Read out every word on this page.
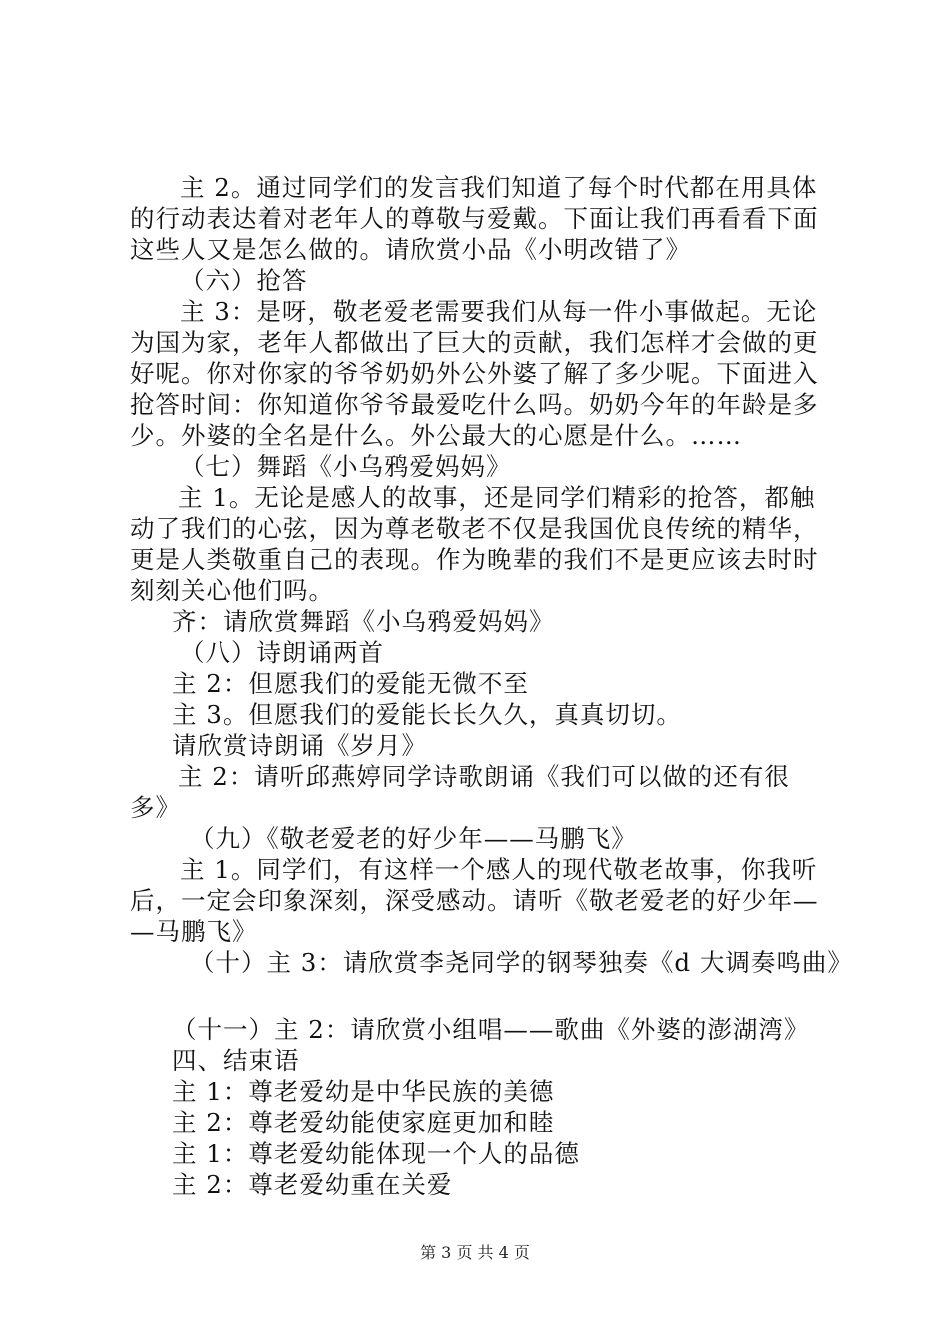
主 2。通过同学们的发言我们知道了每个时代都在用具体
的行动表达着对老年人的尊敬与爱戴。下面让我们再看看下面
这些人又是怎么做的。请欣赏小品《小明改错了》
（六）抢答
主 3：是呀，敬老爱老需要我们从每一件小事做起。无论
为国为家，老年人都做出了巨大的贡献，我们怎样才会做的更
好呢。你对你家的爷爷奶奶外公外婆了解了多少呢。下面进入
抢答时间：你知道你爷爷最爱吃什么吗。奶奶今年的年龄是多
少。外婆的全名是什么。外公最大的心愿是什么。……
（七）舞蹈《小乌鸦爱妈妈》
主 1。无论是感人的故事，还是同学们精彩的抢答，都触
动了我们的心弦，因为尊老敬老不仅是我国优良传统的精华，
更是人类敬重自己的表现。作为晚辈的我们不是更应该去时时
刻刻关心他们吗。
齐：请欣赏舞蹈《小乌鸦爱妈妈》
（八）诗朗诵两首
主 2：但愿我们的爱能无微不至
主 3。但愿我们的爱能长长久久，真真切切。
请欣赏诗朗诵《岁月》
主 2：请听邱燕婷同学诗歌朗诵《我们可以做的还有很
多》
（九）《敬老爱老的好少年——马鹏飞》
主 1。同学们，有这样一个感人的现代敬老故事，你我听
后，一定会印象深刻，深受感动。请听《敬老爱老的好少年—
—马鹏飞》
（十）主 3：请欣赏李尧同学的钢琴独奏《d 大调奏鸣曲》
（十一）主 2：请欣赏小组唱——歌曲《外婆的澎湖湾》
四、结束语
主 1：尊老爱幼是中华民族的美德
主 2：尊老爱幼能使家庭更加和睦
主 1：尊老爱幼能体现一个人的品德
主 2：尊老爱幼重在关爱
第 3 页 共 4 页
